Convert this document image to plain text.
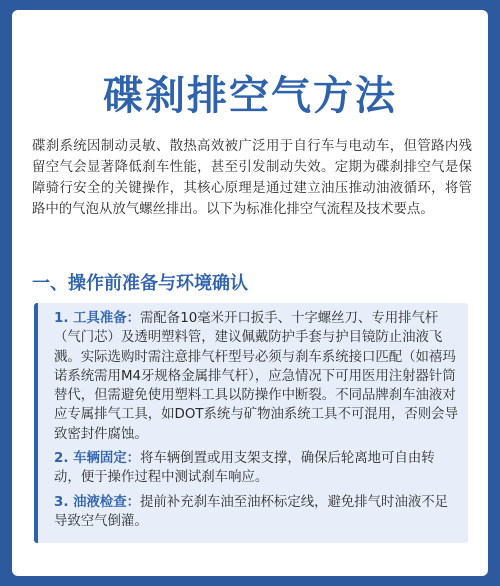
碟刹排空气方法
碟刹系统因制动灵敏、散热高效被广泛用于自行车与电动车，但管路内残留空气会显著降低刹车性能，甚至引发制动失效。定期为碟刹排空气是保障骑行安全的关键操作，其核心原理是通过建立油压推动油液循环，将管路中的气泡从放气螺丝排出。以下为标准化排空气流程及技术要点。
一、操作前准备与环境确认
1. 工具准备：需配备10毫米开口扳手、十字螺丝刀、专用排气杆（气门芯）及透明塑料管，建议佩戴防护手套与护目镜防止油液飞溅。实际选购时需注意排气杆型号必须与刹车系统接口匹配（如禧玛诺系统需用M4牙规格金属排气杆），应急情况下可用医用注射器针筒替代，但需避免使用塑料工具以防操作中断裂。不同品牌刹车油液对应专属排气工具，如DOT系统与矿物油系统工具不可混用，否则会导致密封件腐蚀。
2. 车辆固定：将车辆倒置或用支架支撑，确保后轮离地可自由转动，便于操作过程中测试刹车响应。
3. 油液检查：提前补充刹车油至油杯标定线，避免排气时油液不足导致空气倒灌。
